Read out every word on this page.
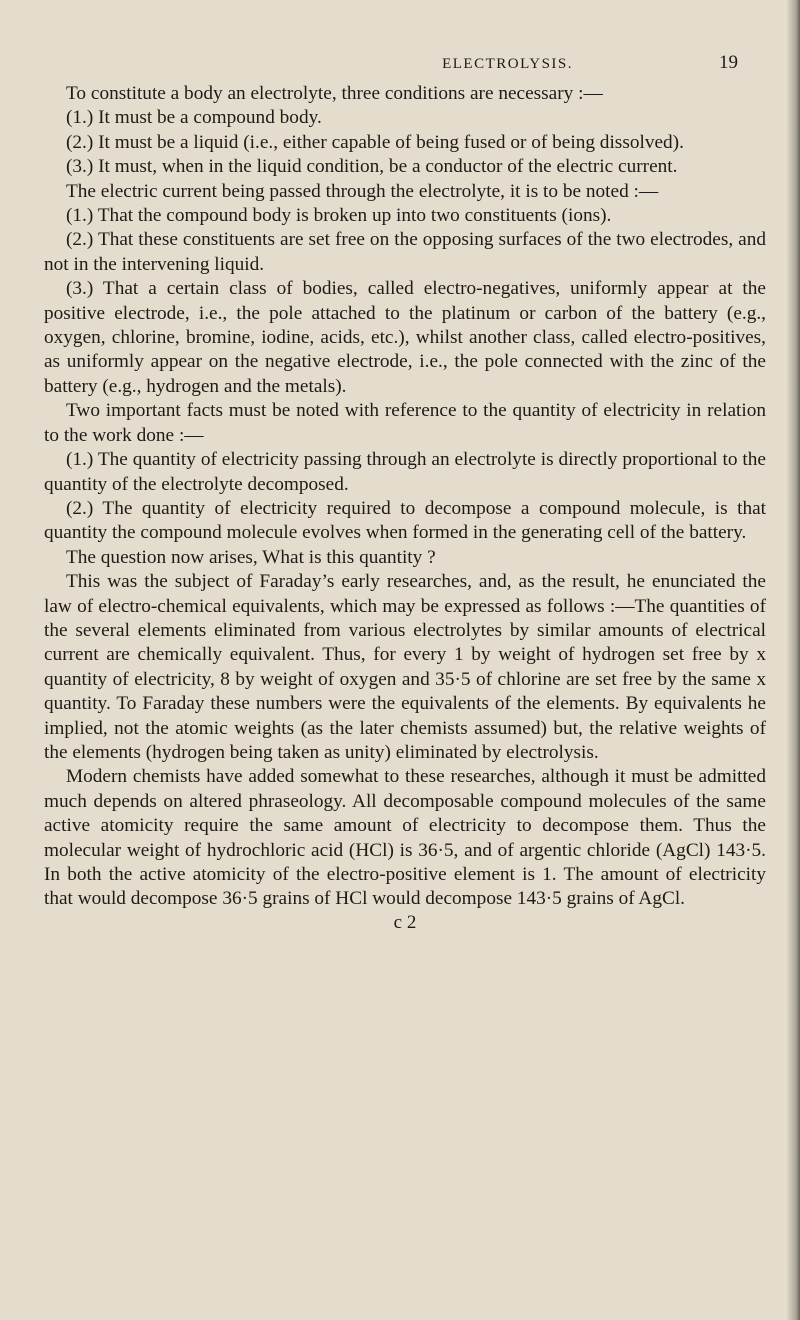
ELECTROLYSIS.	19

To constitute a body an electrolyte, three conditions are necessary :—

(1.) It must be a compound body.

(2.) It must be a liquid (i.e., either capable of being fused or of being dissolved).

(3.) It must, when in the liquid condition, be a conductor of the electric current.

The electric current being passed through the electrolyte, it is to be noted :—

(1.) That the compound body is broken up into two constituents (ions).

(2.) That these constituents are set free on the opposing surfaces of the two electrodes, and not in the intervening liquid.

(3.) That a certain class of bodies, called electro-negatives, uniformly appear at the positive electrode, i.e., the pole attached to the platinum or carbon of the battery (e.g., oxygen, chlorine, bromine, iodine, acids, etc.), whilst another class, called electro-positives, as uniformly appear on the negative electrode, i.e., the pole connected with the zinc of the battery (e.g., hydrogen and the metals).

Two important facts must be noted with reference to the quantity of electricity in relation to the work done :—

(1.) The quantity of electricity passing through an electrolyte is directly proportional to the quantity of the electrolyte decomposed.

(2.) The quantity of electricity required to decompose a compound molecule, is that quantity the compound molecule evolves when formed in the generating cell of the battery.

The question now arises, What is this quantity ?

This was the subject of Faraday’s early researches, and, as the result, he enunciated the law of electro-chemical equivalents, which may be expressed as follows :—The quantities of the several elements eliminated from various electrolytes by similar amounts of electrical current are chemically equivalent. Thus, for every 1 by weight of hydrogen set free by x quantity of electricity, 8 by weight of oxygen and 35·5 of chlorine are set free by the same x quantity. To Faraday these numbers were the equivalents of the elements. By equivalents he implied, not the atomic weights (as the later chemists assumed) but, the relative weights of the elements (hydrogen being taken as unity) eliminated by electrolysis.

Modern chemists have added somewhat to these researches, although it must be admitted much depends on altered phraseology. All decomposable compound molecules of the same active atomicity require the same amount of electricity to decompose them. Thus the molecular weight of hydrochloric acid (HCl) is 36·5, and of argentic chloride (AgCl) 143·5. In both the active atomicity of the electro-positive element is 1. The amount of electricity that would decompose 36·5 grains of HCl would decompose 143·5 grains of AgCl.

c 2
